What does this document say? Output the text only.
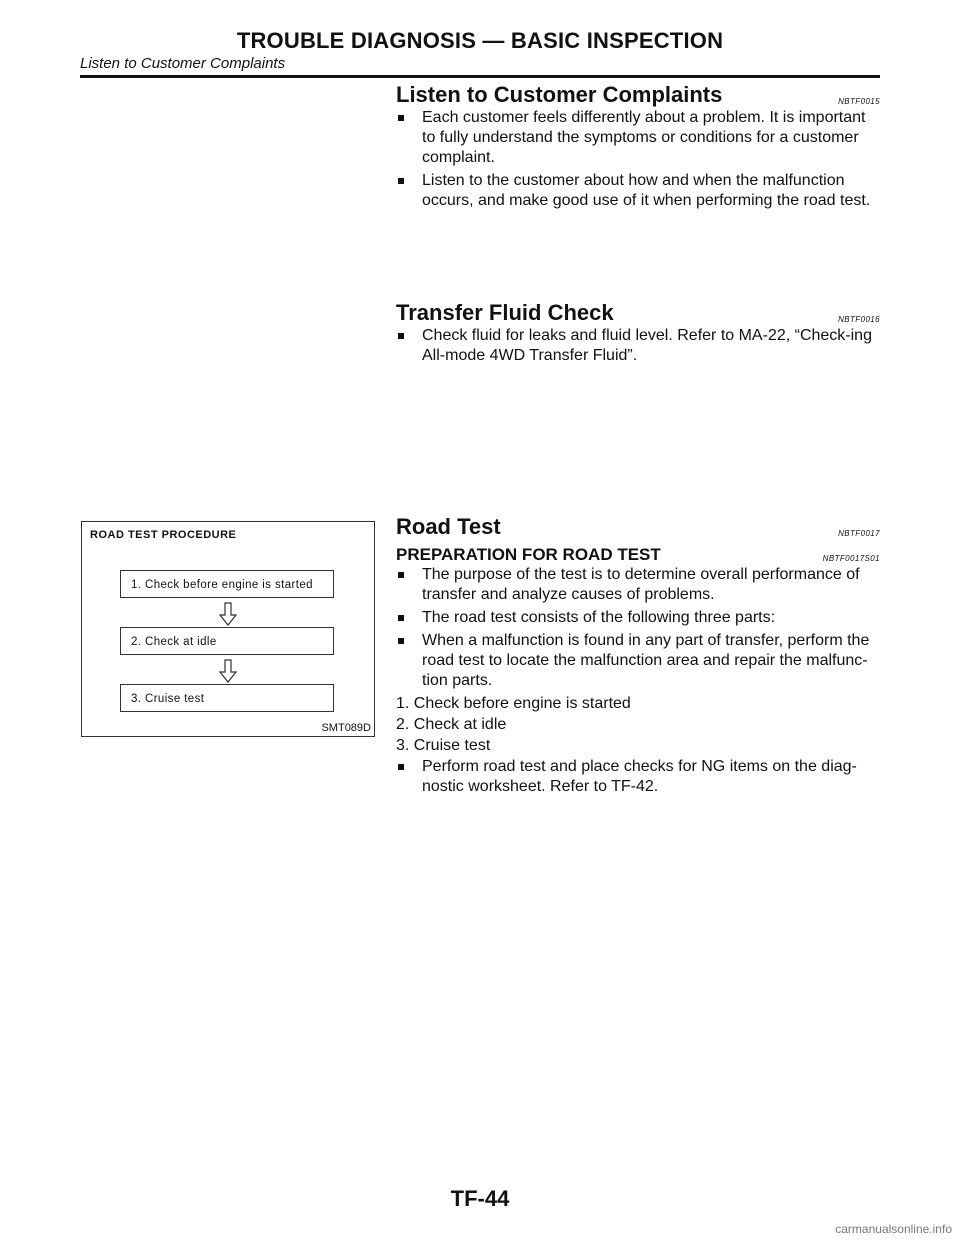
TROUBLE DIAGNOSIS — BASIC INSPECTION
Listen to Customer Complaints
Listen to Customer Complaints	NBTF0015
Each customer feels differently about a problem. It is important to fully understand the symptoms or conditions for a customer complaint.
Listen to the customer about how and when the malfunction occurs, and make good use of it when performing the road test.
Transfer Fluid Check	NBTF0016
Check fluid for leaks and fluid level. Refer to MA-22, “Check-ing All-mode 4WD Transfer Fluid”.
ROAD TEST PROCEDURE
1. Check before engine is started
2. Check at idle
3. Cruise test
SMT089D
Road Test	NBTF0017
PREPARATION FOR ROAD TEST	NBTF0017S01
The purpose of the test is to determine overall performance of transfer and analyze causes of problems.
The road test consists of the following three parts:
When a malfunction is found in any part of transfer, perform the road test to locate the malfunction area and repair the malfunc-tion parts.
1. Check before engine is started
2. Check at idle
3. Cruise test
Perform road test and place checks for NG items on the diag-nostic worksheet. Refer to TF-42.
TF-44
carmanualsonline.info
